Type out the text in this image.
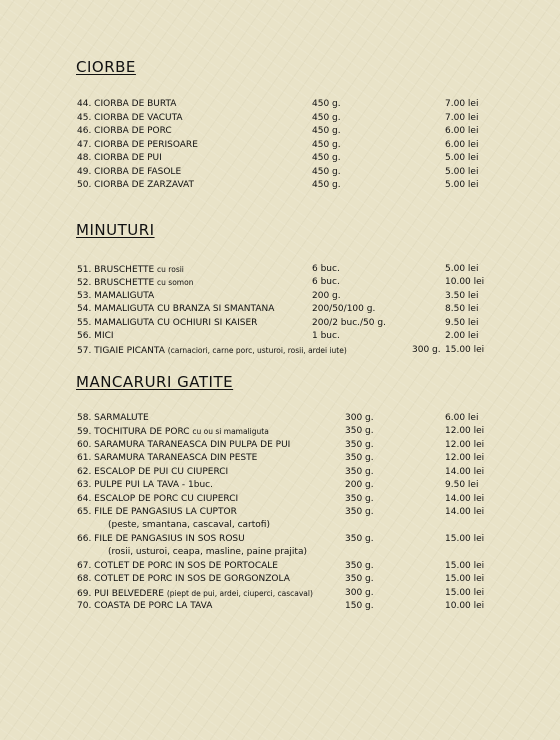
CIORBE
MINUTURI
MANCARURI GATITE
44. CIORBA DE BURTA	450 g.	7.00 lei
45. CIORBA DE VACUTA	450 g.	7.00 lei
46. CIORBA DE PORC	450 g.	6.00 lei
47. CIORBA DE PERISOARE	450 g.	6.00 lei
48. CIORBA DE PUI	450 g.	5.00 lei
49. CIORBA DE FASOLE	450 g.	5.00 lei
50. CIORBA DE ZARZAVAT	450 g.	5.00 lei
51. BRUSCHETTE cu rosii	6 buc.	5.00 lei
52. BRUSCHETTE cu somon	6 buc.	10.00 lei
53. MAMALIGUTA	200 g.	3.50 lei
54. MAMALIGUTA CU BRANZA SI SMANTANA	200/50/100 g.	8.50 lei
55. MAMALIGUTA CU OCHIURI SI KAISER	200/2 buc./50 g.	9.50 lei
56. MICI	1 buc.	2.00 lei
57. TIGAIE PICANTA (carnaciori, carne porc, usturoi, rosii, ardei iute)	300 g. 15.00 lei
58. SARMALUTE	300 g.	6.00 lei
59. TOCHITURA DE PORC cu ou si mamaliguta	350 g.	12.00 lei
60. SARAMURA TARANEASCA DIN PULPA DE PUI	350 g.	12.00 lei
61. SARAMURA TARANEASCA DIN PESTE	350 g.	12.00 lei
62. ESCALOP DE PUI CU CIUPERCI	350 g.	14.00 lei
63. PULPE PUI LA TAVA - 1buc.	200 g.	9.50 lei
64. ESCALOP DE PORC CU CIUPERCI	350 g.	14.00 lei
65. FILE DE PANGASIUS LA CUPTOR	350 g.	14.00 lei
(peste, smantana, cascaval, cartofi)
66. FILE DE PANGASIUS IN SOS ROSU	350 g.	15.00 lei
(rosii, usturoi, ceapa, masline, paine prajita)
67. COTLET DE PORC IN SOS DE PORTOCALE	350 g.	15.00 lei
68. COTLET DE PORC IN SOS DE GORGONZOLA	350 g.	15.00 lei
69. PUI BELVEDERE (piept de pui, ardei, ciuperci, cascaval)	300 g.	15.00 lei
70. COASTA DE PORC LA TAVA	150 g.	10.00 lei
